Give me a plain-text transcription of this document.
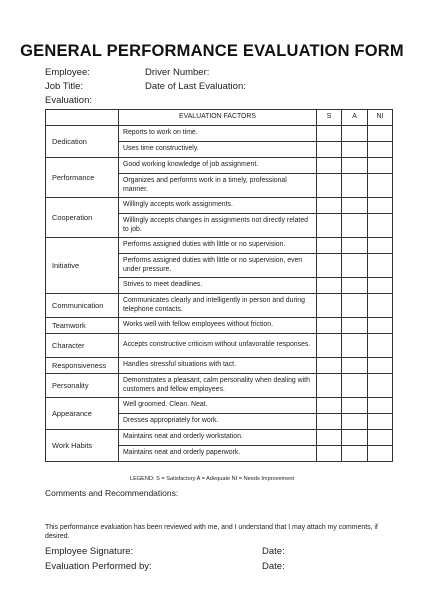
GENERAL PERFORMANCE EVALUATION FORM
Employee:	Driver Number:
Job Title:	Date of Last Evaluation:
Evaluation:
	EVALUATION FACTORS	S	A	NI
Dedication	Reports to work on time.			
	Uses time constructively.			
Performance	Good working knowledge of job assignment.			
	Organizes and performs work in a timely, professional manner.			
Cooperation	Willingly accepts work assignments.			
	Willingly accepts changes in assignments not directly related to job.			
Initiative	Performs assigned duties with little or no supervision.			
	Performs assigned duties with little or no supervision, even under pressure.			
	Strives to meet deadlines.			
Communication	Communicates clearly and intelligently in person and during telephone contacts.			
Teamwork	Works well with fellow employees without friction.			
Character	Accepts constructive criticism without unfavorable responses.			
Responsiveness	Handles stressful situations with tact.			
Personality	Demonstrates a pleasant, calm personality when dealing with customers and fellow employees.			
Appearance	Well groomed. Clean. Neat.			
	Dresses appropriately for work.			
Work Habits	Maintains neat and orderly workstation.			
	Maintains neat and orderly paperwork.			
LEGEND: S = Satisfactory A = Adequate NI = Needs Improvement
Comments and Recommendations:
This performance evaluation has been reviewed with me, and I understand that I may attach my comments, if desired.
Employee Signature:	Date:
Evaluation Performed by:	Date:
